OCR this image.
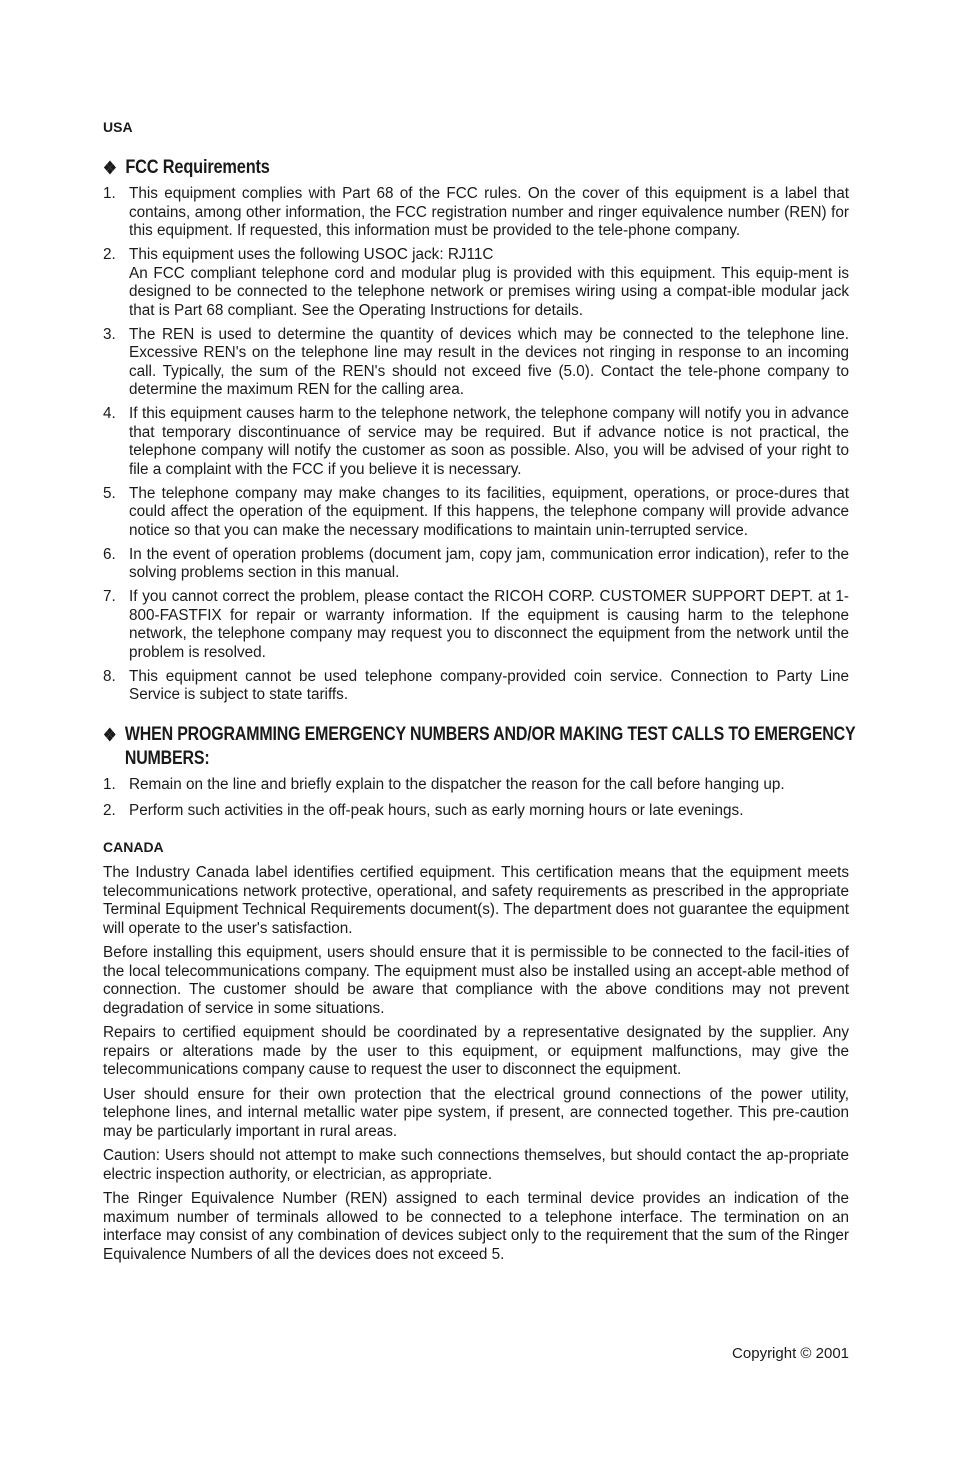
USA
❖ FCC Requirements
1. This equipment complies with Part 68 of the FCC rules. On the cover of this equipment is a label that contains, among other information, the FCC registration number and ringer equivalence number (REN) for this equipment. If requested, this information must be provided to the tele-phone company.
2. This equipment uses the following USOC jack: RJ11C
An FCC compliant telephone cord and modular plug is provided with this equipment. This equip-ment is designed to be connected to the telephone network or premises wiring using a compat-ible modular jack that is Part 68 compliant. See the Operating Instructions for details.
3. The REN is used to determine the quantity of devices which may be connected to the telephone line. Excessive REN's on the telephone line may result in the devices not ringing in response to an incoming call. Typically, the sum of the REN's should not exceed five (5.0). Contact the tele-phone company to determine the maximum REN for the calling area.
4. If this equipment causes harm to the telephone network, the telephone company will notify you in advance that temporary discontinuance of service may be required. But if advance notice is not practical, the telephone company will notify the customer as soon as possible. Also, you will be advised of your right to file a complaint with the FCC if you believe it is necessary.
5. The telephone company may make changes to its facilities, equipment, operations, or proce-dures that could affect the operation of the equipment. If this happens, the telephone company will provide advance notice so that you can make the necessary modifications to maintain unin-terrupted service.
6. In the event of operation problems (document jam, copy jam, communication error indication), refer to the solving problems section in this manual.
7. If you cannot correct the problem, please contact the RICOH CORP. CUSTOMER SUPPORT DEPT. at 1-800-FASTFIX for repair or warranty information. If the equipment is causing harm to the telephone network, the telephone company may request you to disconnect the equipment from the network until the problem is resolved.
8. This equipment cannot be used telephone company-provided coin service. Connection to Party Line Service is subject to state tariffs.
❖ WHEN PROGRAMMING EMERGENCY NUMBERS AND/OR MAKING TEST CALLS TO EMERGENCY NUMBERS:
1. Remain on the line and briefly explain to the dispatcher the reason for the call before hanging up.
2. Perform such activities in the off-peak hours, such as early morning hours or late evenings.
CANADA

The Industry Canada label identifies certified equipment. This certification means that the equipment meets telecommunications network protective, operational, and safety requirements as prescribed in the appropriate Terminal Equipment Technical Requirements document(s). The department does not guarantee the equipment will operate to the user's satisfaction.

Before installing this equipment, users should ensure that it is permissible to be connected to the facil-ities of the local telecommunications company. The equipment must also be installed using an accept-able method of connection. The customer should be aware that compliance with the above conditions may not prevent degradation of service in some situations.

Repairs to certified equipment should be coordinated by a representative designated by the supplier. Any repairs or alterations made by the user to this equipment, or equipment malfunctions, may give the telecommunications company cause to request the user to disconnect the equipment.

User should ensure for their own protection that the electrical ground connections of the power utility, telephone lines, and internal metallic water pipe system, if present, are connected together. This pre-caution may be particularly important in rural areas.

Caution: Users should not attempt to make such connections themselves, but should contact the ap-propriate electric inspection authority, or electrician, as appropriate.

The Ringer Equivalence Number (REN) assigned to each terminal device provides an indication of the maximum number of terminals allowed to be connected to a telephone interface. The termination on an interface may consist of any combination of devices subject only to the requirement that the sum of the Ringer Equivalence Numbers of all the devices does not exceed 5.

Copyright © 2001
